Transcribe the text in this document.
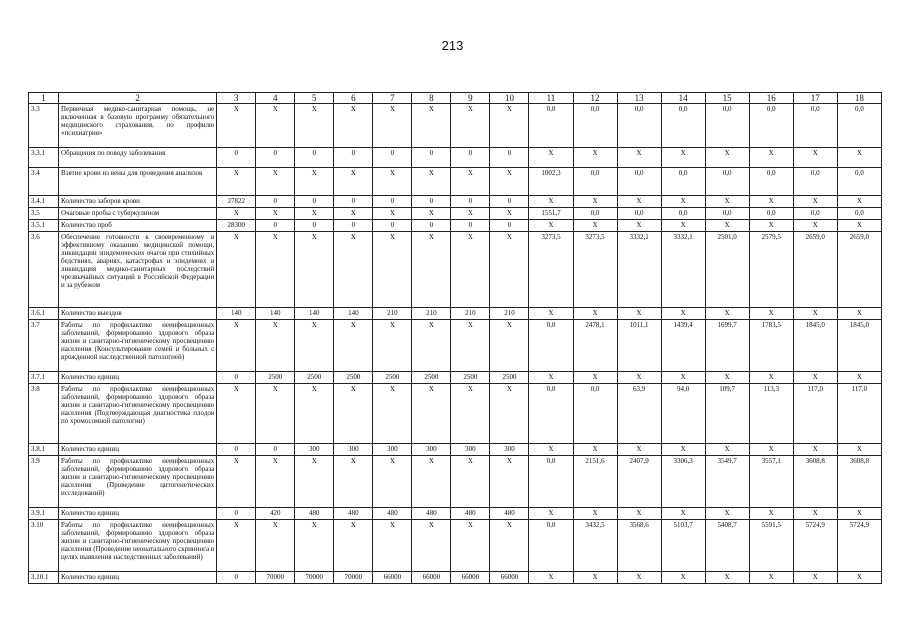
213
1	2	3	4	5	6	7	8	9	10	11	12	13	14	15	16	17	18
3.3	Первичная медико-санитарная помощь, не включенная в базовую программу обязательного медицинского страхования, по профилю «психиатрия»	X	X	X	X	X	X	X	X	0,0	0,0	0,0	0,0	0,0	0,0	0,0	0,0
3.3.1	Обращения по поводу заболевания	0	0	0	0	0	0	0	0	X	X	X	X	X	X	X	X
3.4	Взятие крови из вены для проведения анализов	X	X	X	X	X	X	X	X	1002,3	0,0	0,0	0,0	0,0	0,0	0,0	0,0
3.4.1	Количество заборов крови	27822	0	0	0	0	0	0	0	X	X	X	X	X	X	X	X
3.5	Очаговые пробы с туберкулином	X	X	X	X	X	X	X	X	1551,7	0,0	0,0	0,0	0,0	0,0	0,0	0,0
3.5.1	Количество проб	28300	0	0	0	0	0	0	0	X	X	X	X	X	X	X	X
3.6	Обеспечение готовности к своевременному и эффективному оказанию медицинской помощи, ликвидации эпидемических очагов при стихийных бедствиях, авариях, катастрофах и эпидемиях и ликвидация медико-санитарных последствий чрезвычайных ситуаций в Российской Федерации и за рубежом	X	X	X	X	X	X	X	X	3273,5	3273,5	3332,1	3332,1	2501,0	2579,5	2659,0	2659,0
3.6.1	Количество выездов	140	140	140	140	210	210	210	210	X	X	X	X	X	X	X	X
3.7	Работы по профилактике неинфекционных заболеваний, формированию здорового образа жизни и санитарно-гигиеническому просвещению населения (Консультирование семей и больных с врожденной наследственной патологией)	X	X	X	X	X	X	X	X	0,0	2478,1	1011,1	1439,4	1699,7	1783,5	1845,0	1845,0
3.7.1	Количество единиц	0	2500	2500	2500	2500	2500	2500	2500	X	X	X	X	X	X	X	X
3.8	Работы по профилактике неинфекционных заболеваний, формированию здорового образа жизни и санитарно-гигиеническому просвещению населения (Подтверждающая диагностика плодов по хромосомной патологии)	X	X	X	X	X	X	X	X	0,0	0,0	63,9	94,0	109,7	113,3	117,0	117,0
3.8.1	Количество единиц	0	0	300	300	300	300	300	300	X	X	X	X	X	X	X	X
3.9	Работы по профилактике неинфекционных заболеваний, формированию здорового образа жизни и санитарно-гигиеническому просвещению населения (Проведение цитогенетических исследований)	X	X	X	X	X	X	X	X	0,0	2151,6	2407,9	3306,3	3549,7	3557,1	3608,8	3608,8
3.9.1	Количество единиц	0	420	480	480	480	480	480	480	X	X	X	X	X	X	X	X
3.10	Работы по профилактике неинфекционных заболеваний, формированию здорового образа жизни и санитарно-гигиеническому просвещению населения (Проведение неонатального скрининга в целях выявления наследственных заболеваний)	X	X	X	X	X	X	X	X	0,0	3432,5	3568,6	5103,7	5408,7	5591,5	5724,9	5724,9
3.10.1	Количество единиц	0	70000	70000	70000	66000	66000	66000	66000	X	X	X	X	X	X	X	X
